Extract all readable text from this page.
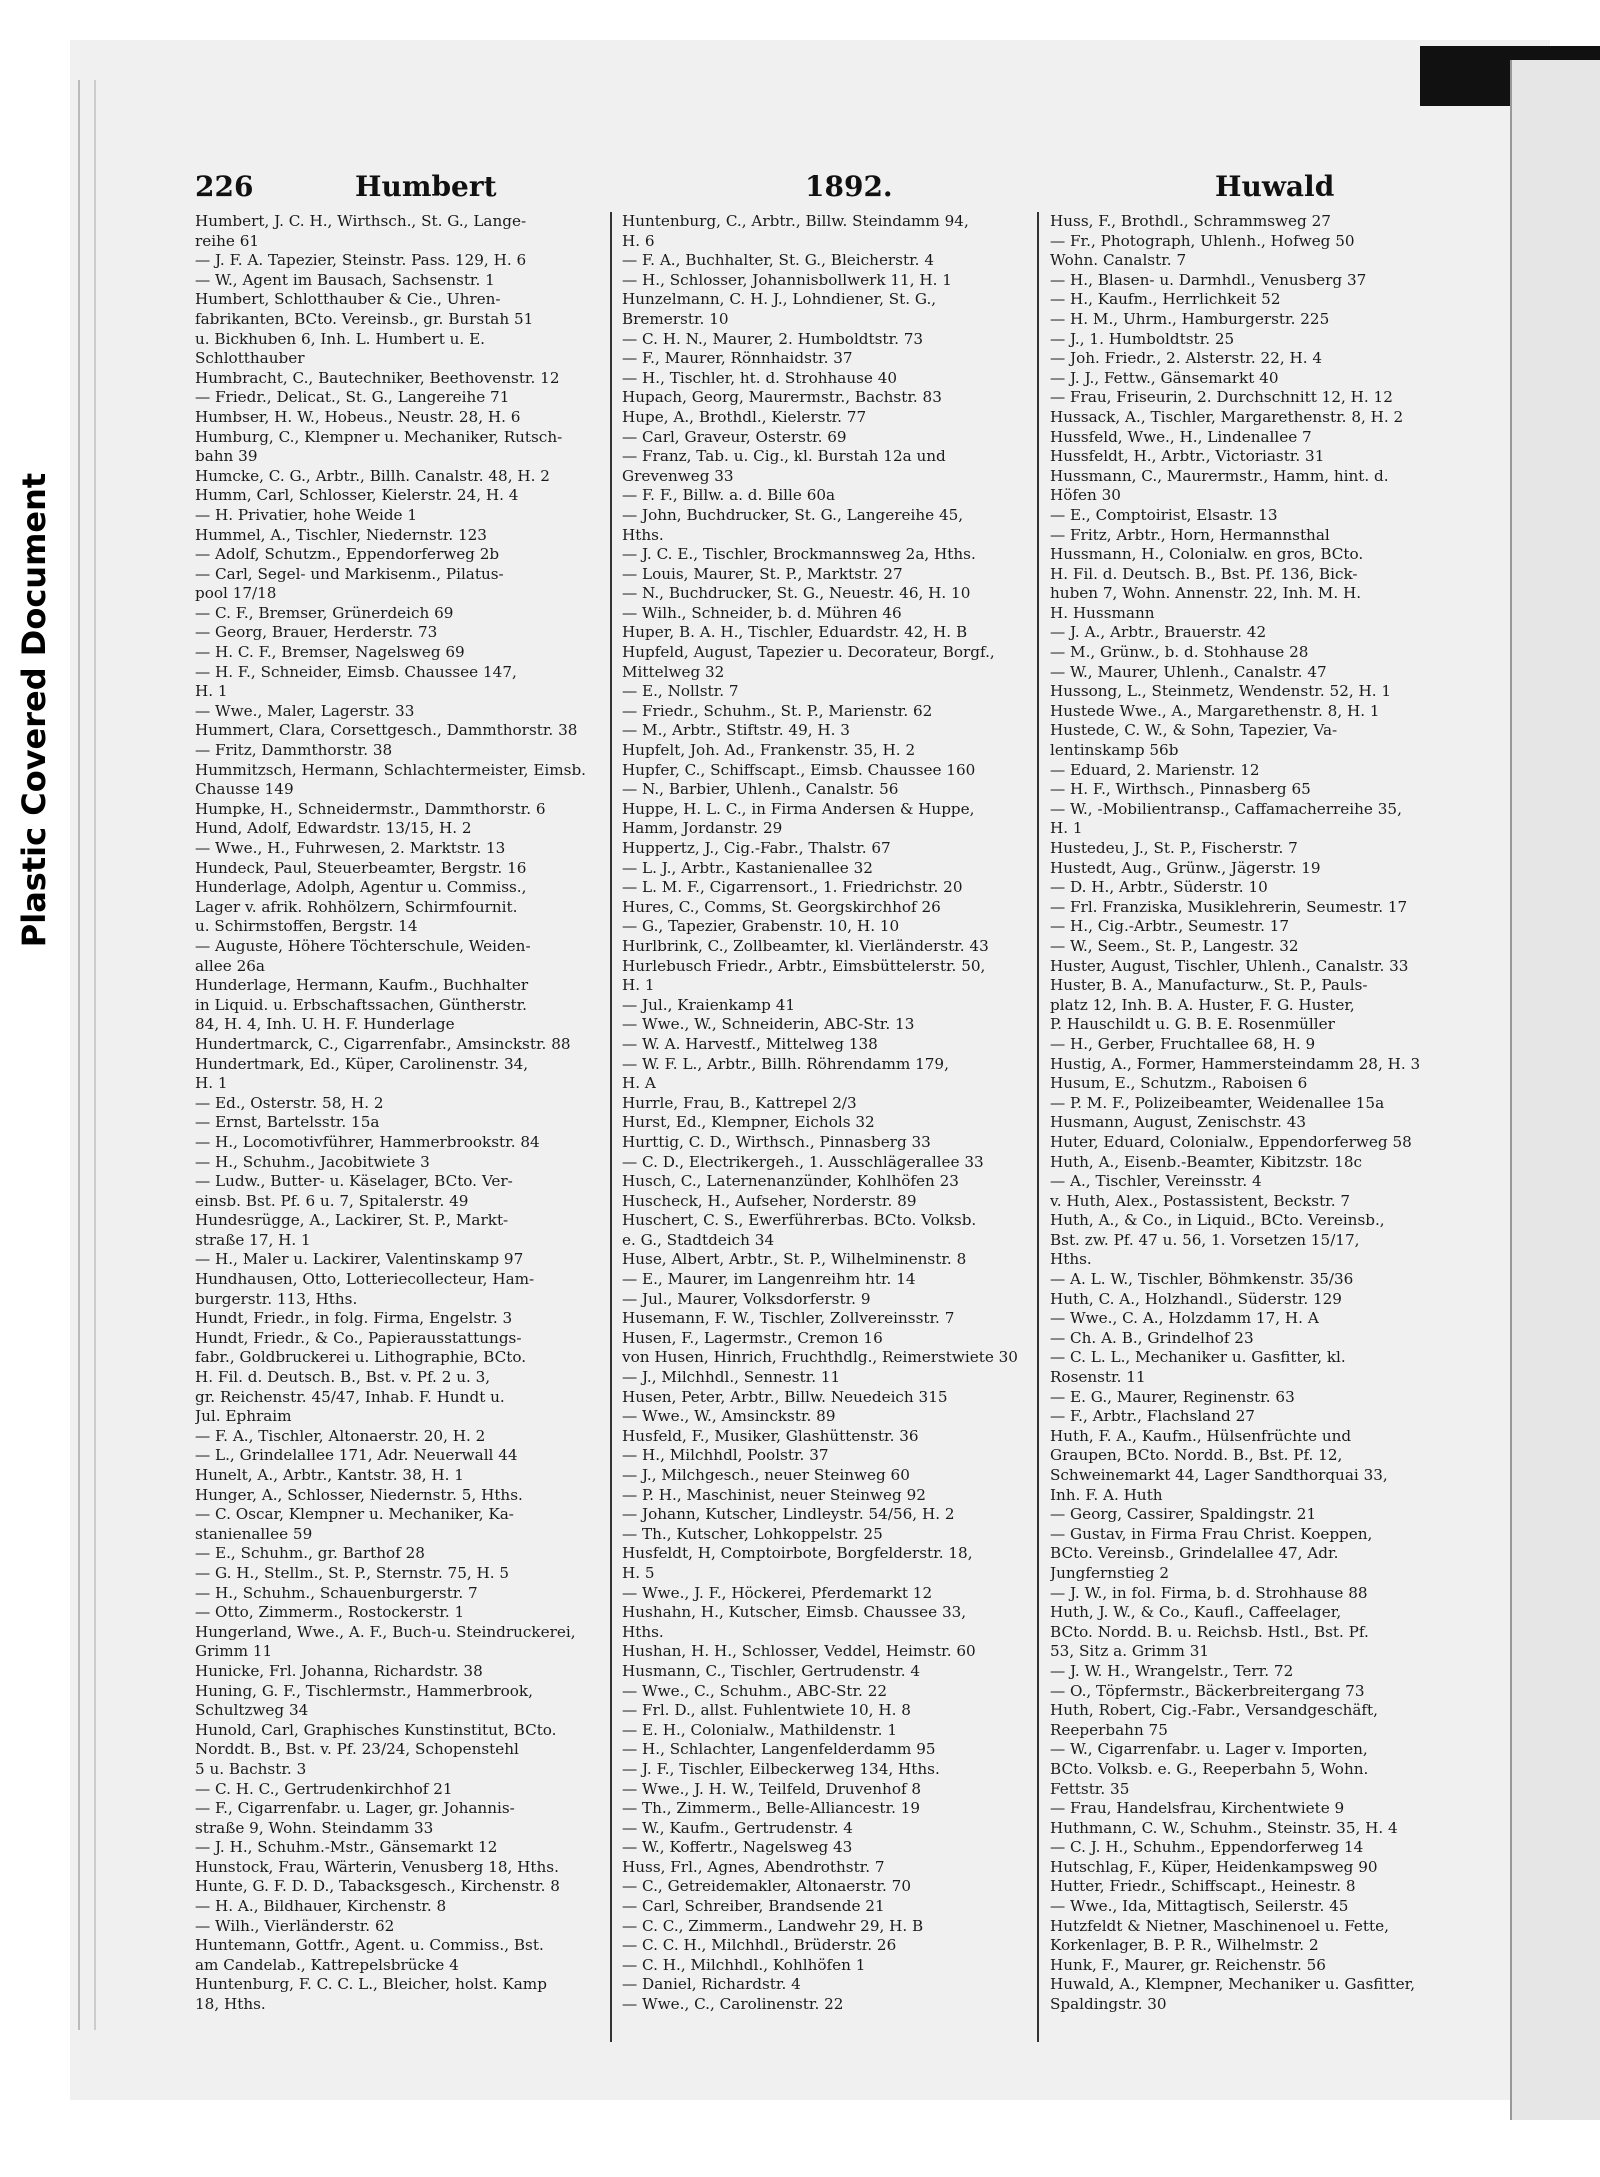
Plastic Covered Document
226	Humbert	1892.	Huwald
Humbert, J. C. H., Wirthsch., St. G., Lange-
reihe 61
— J. F. A. Tapezier, Steinstr. Pass. 129, H. 6
— W., Agent im Bausach, Sachsenstr. 1
Humbert, Schlotthauber & Cie., Uhren-
fabrikanten, BCto. Vereinsb., gr. Burstah 51
u. Bickhuben 6, Inh. L. Humbert u. E.
Schlotthauber
Humbracht, C., Bautechniker, Beethovenstr. 12
— Friedr., Delicat., St. G., Langereihe 71
Humbser, H. W., Hobeus., Neustr. 28, H. 6
Humburg, C., Klempner u. Mechaniker, Rutsch-
bahn 39
Humcke, C. G., Arbtr., Billh. Canalstr. 48, H. 2
Humm, Carl, Schlosser, Kielerstr. 24, H. 4
— H. Privatier, hohe Weide 1
Hummel, A., Tischler, Niedernstr. 123
— Adolf, Schutzm., Eppendorferweg 2b
— Carl, Segel- und Markisenm., Pilatus-
pool 17/18
— C. F., Bremser, Grünerdeich 69
— Georg, Brauer, Herderstr. 73
— H. C. F., Bremser, Nagelsweg 69
— H. F., Schneider, Eimsb. Chaussee 147,
H. 1
— Wwe., Maler, Lagerstr. 33
Hummert, Clara, Corsettgesch., Dammthorstr. 38
— Fritz, Dammthorstr. 38
Hummitzsch, Hermann, Schlachtermeister, Eimsb.
Chausse 149
Humpke, H., Schneidermstr., Dammthorstr. 6
Hund, Adolf, Edwardstr. 13/15, H. 2
— Wwe., H., Fuhrwesen, 2. Marktstr. 13
Hundeck, Paul, Steuerbeamter, Bergstr. 16
Hunderlage, Adolph, Agentur u. Commiss.,
Lager v. afrik. Rohhölzern, Schirmfournit.
u. Schirmstoffen, Bergstr. 14
— Auguste, Höhere Töchterschule, Weiden-
allee 26a
Hunderlage, Hermann, Kaufm., Buchhalter
in Liquid. u. Erbschaftssachen, Güntherstr.
84, H. 4, Inh. U. H. F. Hunderlage
Hundertmarck, C., Cigarrenfabr., Amsinckstr. 88
Hundertmark, Ed., Küper, Carolinenstr. 34,
H. 1
— Ed., Osterstr. 58, H. 2
— Ernst, Bartelsstr. 15a
— H., Locomotivführer, Hammerbrookstr. 84
— H., Schuhm., Jacobitwiete 3
— Ludw., Butter- u. Käselager, BCto. Ver-
einsb. Bst. Pf. 6 u. 7, Spitalerstr. 49
Hundesrügge, A., Lackirer, St. P., Markt-
straße 17, H. 1
— H., Maler u. Lackirer, Valentinskamp 97
Hundhausen, Otto, Lotteriecollecteur, Ham-
burgerstr. 113, Hths.
Hundt, Friedr., in folg. Firma, Engelstr. 3
Hundt, Friedr., & Co., Papierausstattungs-
fabr., Goldbruckerei u. Lithographie, BCto.
H. Fil. d. Deutsch. B., Bst. v. Pf. 2 u. 3,
gr. Reichenstr. 45/47, Inhab. F. Hundt u.
Jul. Ephraim
— F. A., Tischler, Altonaerstr. 20, H. 2
— L., Grindelallee 171, Adr. Neuerwall 44
Hunelt, A., Arbtr., Kantstr. 38, H. 1
Hunger, A., Schlosser, Niedernstr. 5, Hths.
— C. Oscar, Klempner u. Mechaniker, Ka-
stanienallee 59
— E., Schuhm., gr. Barthof 28
— G. H., Stellm., St. P., Sternstr. 75, H. 5
— H., Schuhm., Schauenburgerstr. 7
— Otto, Zimmerm., Rostockerstr. 1
Hungerland, Wwe., A. F., Buch-u. Steindruckerei,
Grimm 11
Hunicke, Frl. Johanna, Richardstr. 38
Huning, G. F., Tischlermstr., Hammerbrook,
Schultzweg 34
Hunold, Carl, Graphisches Kunstinstitut, BCto.
Norddt. B., Bst. v. Pf. 23/24, Schopenstehl
5 u. Bachstr. 3
— C. H. C., Gertrudenkirchhof 21
— F., Cigarrenfabr. u. Lager, gr. Johannis-
straße 9, Wohn. Steindamm 33
— J. H., Schuhm.-Mstr., Gänsemarkt 12
Hunstock, Frau, Wärterin, Venusberg 18, Hths.
Hunte, G. F. D. D., Tabacksgesch., Kirchenstr. 8
— H. A., Bildhauer, Kirchenstr. 8
— Wilh., Vierländerstr. 62
Huntemann, Gottfr., Agent. u. Commiss., Bst.
am Candelab., Kattrepelsbrücke 4
Huntenburg, F. C. C. L., Bleicher, holst. Kamp
18, Hths.
Huntenburg, C., Arbtr., Billw. Steindamm 94,
H. 6
— F. A., Buchhalter, St. G., Bleicherstr. 4
— H., Schlosser, Johannisbollwerk 11, H. 1
Hunzelmann, C. H. J., Lohndiener, St. G.,
Bremerstr. 10
— C. H. N., Maurer, 2. Humboldtstr. 73
— F., Maurer, Rönnhaidstr. 37
— H., Tischler, ht. d. Strohhause 40
Hupach, Georg, Maurermstr., Bachstr. 83
Hupe, A., Brothdl., Kielerstr. 77
— Carl, Graveur, Osterstr. 69
— Franz, Tab. u. Cig., kl. Burstah 12a und
Grevenweg 33
— F. F., Billw. a. d. Bille 60a
— John, Buchdrucker, St. G., Langereihe 45,
Hths.
— J. C. E., Tischler, Brockmannsweg 2a, Hths.
— Louis, Maurer, St. P., Marktstr. 27
— N., Buchdrucker, St. G., Neuestr. 46, H. 10
— Wilh., Schneider, b. d. Mühren 46
Huper, B. A. H., Tischler, Eduardstr. 42, H. B
Hupfeld, August, Tapezier u. Decorateur, Borgf.,
Mittelweg 32
— E., Nollstr. 7
— Friedr., Schuhm., St. P., Marienstr. 62
— M., Arbtr., Stiftstr. 49, H. 3
Hupfelt, Joh. Ad., Frankenstr. 35, H. 2
Hupfer, C., Schiffscapt., Eimsb. Chaussee 160
— N., Barbier, Uhlenh., Canalstr. 56
Huppe, H. L. C., in Firma Andersen & Huppe,
Hamm, Jordanstr. 29
Huppertz, J., Cig.-Fabr., Thalstr. 67
— L. J., Arbtr., Kastanienallee 32
— L. M. F., Cigarrensort., 1. Friedrichstr. 20
Hures, C., Comms, St. Georgskirchhof 26
— G., Tapezier, Grabenstr. 10, H. 10
Hurlbrink, C., Zollbeamter, kl. Vierländerstr. 43
Hurlebusch Friedr., Arbtr., Eimsbüttelerstr. 50,
H. 1
— Jul., Kraienkamp 41
— Wwe., W., Schneiderin, ABC-Str. 13
— W. A. Harvestf., Mittelweg 138
— W. F. L., Arbtr., Billh. Röhrendamm 179,
H. A
Hurrle, Frau, B., Kattrepel 2/3
Hurst, Ed., Klempner, Eichols 32
Hurttig, C. D., Wirthsch., Pinnasberg 33
— C. D., Electrikergeh., 1. Ausschlägerallee 33
Husch, C., Laternenanzünder, Kohlhöfen 23
Huscheck, H., Aufseher, Norderstr. 89
Huschert, C. S., Ewerführerbas. BCto. Volksb.
e. G., Stadtdeich 34
Huse, Albert, Arbtr., St. P., Wilhelminenstr. 8
— E., Maurer, im Langenreihm htr. 14
— Jul., Maurer, Volksdorferstr. 9
Husemann, F. W., Tischler, Zollvereinsstr. 7
Husen, F., Lagermstr., Cremon 16
von Husen, Hinrich, Fruchthdlg., Reimerstwiete 30
— J., Milchhdl., Sennestr. 11
Husen, Peter, Arbtr., Billw. Neuedeich 315
— Wwe., W., Amsinckstr. 89
Husfeld, F., Musiker, Glashüttenstr. 36
— H., Milchhdl, Poolstr. 37
— J., Milchgesch., neuer Steinweg 60
— P. H., Maschinist, neuer Steinweg 92
— Johann, Kutscher, Lindleystr. 54/56, H. 2
— Th., Kutscher, Lohkoppelstr. 25
Husfeldt, H, Comptoirbote, Borgfelderstr. 18,
H. 5
— Wwe., J. F., Höckerei, Pferdemarkt 12
Hushahn, H., Kutscher, Eimsb. Chaussee 33,
Hths.
Hushan, H. H., Schlosser, Veddel, Heimstr. 60
Husmann, C., Tischler, Gertrudenstr. 4
— Wwe., C., Schuhm., ABC-Str. 22
— Frl. D., allst. Fuhlentwiete 10, H. 8
— E. H., Colonialw., Mathildenstr. 1
— H., Schlachter, Langenfelderdamm 95
— J. F., Tischler, Eilbeckerweg 134, Hths.
— Wwe., J. H. W., Teilfeld, Druvenhof 8
— Th., Zimmerm., Belle-Alliancestr. 19
— W., Kaufm., Gertrudenstr. 4
— W., Koffertr., Nagelsweg 43
Huss, Frl., Agnes, Abendrothstr. 7
— C., Getreidemakler, Altonaerstr. 70
— Carl, Schreiber, Brandsende 21
— C. C., Zimmerm., Landwehr 29, H. B
— C. C. H., Milchhdl., Brüderstr. 26
— C. H., Milchhdl., Kohlhöfen 1
— Daniel, Richardstr. 4
— Wwe., C., Carolinenstr. 22
Huss, F., Brothdl., Schrammsweg 27
— Fr., Photograph, Uhlenh., Hofweg 50
Wohn. Canalstr. 7
— H., Blasen- u. Darmhdl., Venusberg 37
— H., Kaufm., Herrlichkeit 52
— H. M., Uhrm., Hamburgerstr. 225
— J., 1. Humboldtstr. 25
— Joh. Friedr., 2. Alsterstr. 22, H. 4
— J. J., Fettw., Gänsemarkt 40
— Frau, Friseurin, 2. Durchschnitt 12, H. 12
Hussack, A., Tischler, Margarethenstr. 8, H. 2
Hussfeld, Wwe., H., Lindenallee 7
Hussfeldt, H., Arbtr., Victoriastr. 31
Hussmann, C., Maurermstr., Hamm, hint. d.
Höfen 30
— E., Comptoirist, Elsastr. 13
— Fritz, Arbtr., Horn, Hermannsthal
Hussmann, H., Colonialw. en gros, BCto.
H. Fil. d. Deutsch. B., Bst. Pf. 136, Bick-
huben 7, Wohn. Annenstr. 22, Inh. M. H.
H. Hussmann
— J. A., Arbtr., Brauerstr. 42
— M., Grünw., b. d. Stohhause 28
— W., Maurer, Uhlenh., Canalstr. 47
Hussong, L., Steinmetz, Wendenstr. 52, H. 1
Hustede Wwe., A., Margarethenstr. 8, H. 1
Hustede, C. W., & Sohn, Tapezier, Va-
lentinskamp 56b
— Eduard, 2. Marienstr. 12
— H. F., Wirthsch., Pinnasberg 65
— W., -Mobilientransp., Caffamacherreihe 35,
H. 1
Hustedeu, J., St. P., Fischerstr. 7
Hustedt, Aug., Grünw., Jägerstr. 19
— D. H., Arbtr., Süderstr. 10
— Frl. Franziska, Musiklehrerin, Seumestr. 17
— H., Cig.-Arbtr., Seumestr. 17
— W., Seem., St. P., Langestr. 32
Huster, August, Tischler, Uhlenh., Canalstr. 33
Huster, B. A., Manufacturw., St. P., Pauls-
platz 12, Inh. B. A. Huster, F. G. Huster,
P. Hauschildt u. G. B. E. Rosenmüller
— H., Gerber, Fruchtallee 68, H. 9
Hustig, A., Former, Hammersteindamm 28, H. 3
Husum, E., Schutzm., Raboisen 6
— P. M. F., Polizeibeamter, Weidenallee 15a
Husmann, August, Zenischstr. 43
Huter, Eduard, Colonialw., Eppendorferweg 58
Huth, A., Eisenb.-Beamter, Kibitzstr. 18c
— A., Tischler, Vereinsstr. 4
v. Huth, Alex., Postassistent, Beckstr. 7
Huth, A., & Co., in Liquid., BCto. Vereinsb.,
Bst. zw. Pf. 47 u. 56, 1. Vorsetzen 15/17,
Hths.
— A. L. W., Tischler, Böhmkenstr. 35/36
Huth, C. A., Holzhandl., Süderstr. 129
— Wwe., C. A., Holzdamm 17, H. A
— Ch. A. B., Grindelhof 23
— C. L. L., Mechaniker u. Gasfitter, kl.
Rosenstr. 11
— E. G., Maurer, Reginenstr. 63
— F., Arbtr., Flachsland 27
Huth, F. A., Kaufm., Hülsenfrüchte und
Graupen, BCto. Nordd. B., Bst. Pf. 12,
Schweinemarkt 44, Lager Sandthorquai 33,
Inh. F. A. Huth
— Georg, Cassirer, Spaldingstr. 21
— Gustav, in Firma Frau Christ. Koeppen,
BCto. Vereinsb., Grindelallee 47, Adr.
Jungfernstieg 2
— J. W., in fol. Firma, b. d. Strohhause 88
Huth, J. W., & Co., Kaufl., Caffeelager,
BCto. Nordd. B. u. Reichsb. Hstl., Bst. Pf.
53, Sitz a. Grimm 31
— J. W. H., Wrangelstr., Terr. 72
— O., Töpfermstr., Bäckerbreitergang 73
Huth, Robert, Cig.-Fabr., Versandgeschäft,
Reeperbahn 75
— W., Cigarrenfabr. u. Lager v. Importen,
BCto. Volksb. e. G., Reeperbahn 5, Wohn.
Fettstr. 35
— Frau, Handelsfrau, Kirchentwiete 9
Huthmann, C. W., Schuhm., Steinstr. 35, H. 4
— C. J. H., Schuhm., Eppendorferweg 14
Hutschlag, F., Küper, Heidenkampsweg 90
Hutter, Friedr., Schiffscapt., Heinestr. 8
— Wwe., Ida, Mittagtisch, Seilerstr. 45
Hutzfeldt & Nietner, Maschinenoel u. Fette,
Korkenlager, B. P. R., Wilhelmstr. 2
Hunk, F., Maurer, gr. Reichenstr. 56
Huwald, A., Klempner, Mechaniker u. Gasfitter,
Spaldingstr. 30
